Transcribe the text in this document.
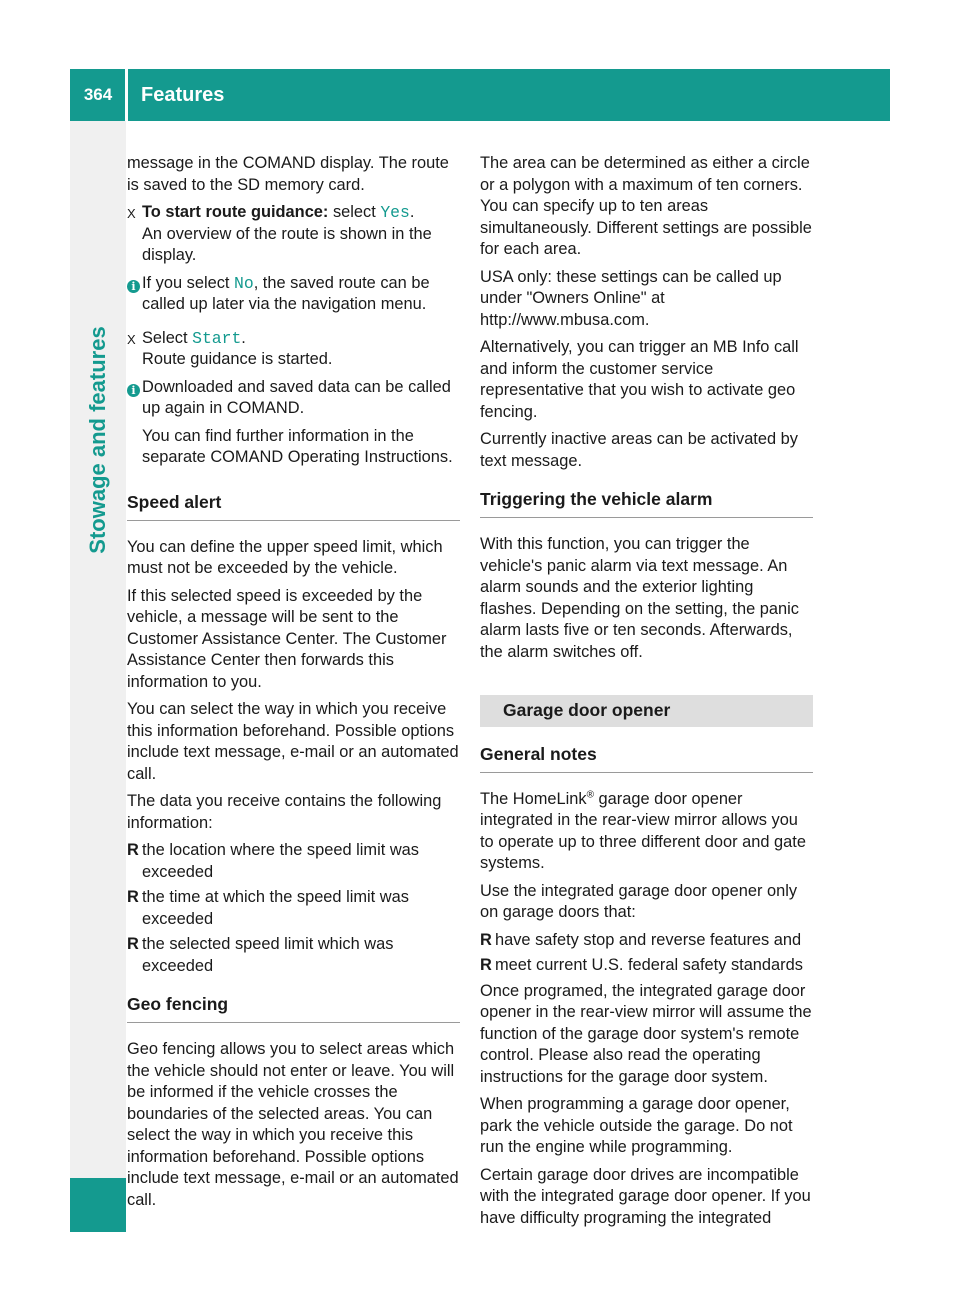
364	Features
Stowage and features

message in the COMAND display. The route is saved to the SD memory card.

X To start route guidance: select Yes.
An overview of the route is shown in the display.
i If you select No, the saved route can be called up later via the navigation menu.

X Select Start.
Route guidance is started.
i Downloaded and saved data can be called up again in COMAND.

You can find further information in the separate COMAND Operating Instructions.

Speed alert

You can define the upper speed limit, which must not be exceeded by the vehicle.

If this selected speed is exceeded by the vehicle, a message will be sent to the Customer Assistance Center. The Customer Assistance Center then forwards this information to you.

You can select the way in which you receive this information beforehand. Possible options include text message, e-mail or an automated call.

The data you receive contains the following information:

R the location where the speed limit was exceeded
R the time at which the speed limit was exceeded
R the selected speed limit which was exceeded
Geo fencing

Geo fencing allows you to select areas which the vehicle should not enter or leave. You will be informed if the vehicle crosses the boundaries of the selected areas. You can select the way in which you receive this information beforehand. Possible options include text message, e-mail or an automated call.

The area can be determined as either a circle or a polygon with a maximum of ten corners. You can specify up to ten areas simultaneously. Different settings are possible for each area.

USA only: these settings can be called up under "Owners Online" at http://www.mbusa.com.

Alternatively, you can trigger an MB Info call and inform the customer service representative that you wish to activate geo fencing.

Currently inactive areas can be activated by text message.

Triggering the vehicle alarm

With this function, you can trigger the vehicle's panic alarm via text message. An alarm sounds and the exterior lighting flashes. Depending on the setting, the panic alarm lasts five or ten seconds. Afterwards, the alarm switches off.

Garage door opener
General notes

The HomeLink® garage door opener integrated in the rear-view mirror allows you to operate up to three different door and gate systems.

Use the integrated garage door opener only on garage doors that:

R have safety stop and reverse features and
R meet current U.S. federal safety standards

Once programed, the integrated garage door opener in the rear-view mirror will assume the function of the garage door system's remote control. Please also read the operating instructions for the garage door system.

When programming a garage door opener, park the vehicle outside the garage. Do not run the engine while programming.

Certain garage door drives are incompatible with the integrated garage door opener. If you have difficulty programing the integrated
